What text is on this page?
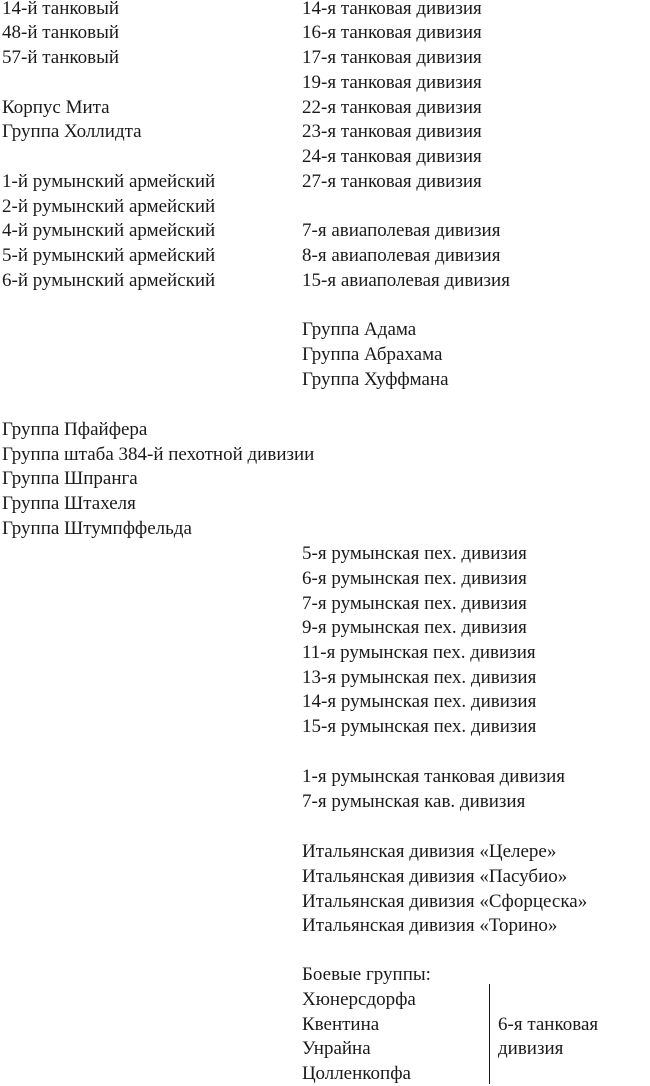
14-й танковый
48-й танковый
57-й танковый
Корпус Мита
Группа Холлидта
1-й румынский армейский
2-й румынский армейский
4-й румынский армейский
5-й румынский армейский
6-й румынский армейский
14-я танковая дивизия
16-я танковая дивизия
17-я танковая дивизия
19-я танковая дивизия
22-я танковая дивизия
23-я танковая дивизия
24-я танковая дивизия
27-я танковая дивизия
7-я авиаполевая дивизия
8-я авиаполевая дивизия
15-я авиаполевая дивизия
Группа Адама
Группа Абрахама
Группа Хуффмана
Группа Пфайфера
Группа штаба 384-й пехотной дивизии
Группа Шпранга
Группа Штахеля
Группа Штумпффельда
5-я румынская пех. дивизия
6-я румынская пех. дивизия
7-я румынская пех. дивизия
9-я румынская пех. дивизия
11-я румынская пех. дивизия
13-я румынская пех. дивизия
14-я румынская пех. дивизия
15-я румынская пех. дивизия
1-я румынская танковая дивизия
7-я румынская кав. дивизия
Итальянская дивизия «Целере»
Итальянская дивизия «Пасубио»
Итальянская дивизия «Сфорцеска»
Итальянская дивизия «Торино»
Боевые группы:
Хюнерсдорфа
Квентина
Унрайна
Цолленкопфа
6-я танковая
дивизия
